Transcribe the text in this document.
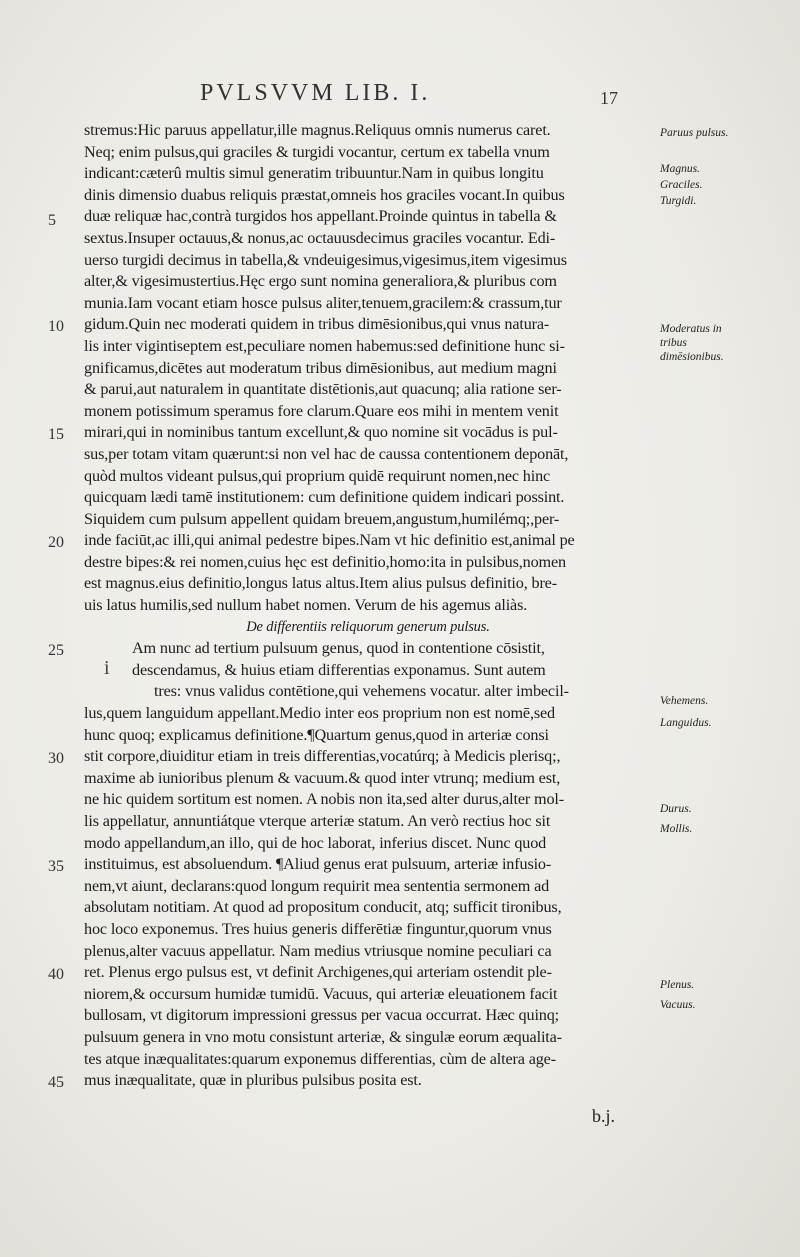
PVLSVVM LIB. I.	17
stremus:Hic paruus appellatur,ille magnus.Reliquus omnis numerus caret.
Neq; enim pulsus,qui graciles & turgidi vocantur, certum ex tabella vnum
indicant:cæterû multis simul generatim tribuuntur.Nam in quibus longitu
dinis dimensio duabus reliquis præstat,omneis hos graciles vocant.In quibus
duæ reliquæ hac,contrà turgidos hos appellant.Proinde quintus in tabella &
sextus.Insuper octauus,& nonus,ac octauusdecimus graciles vocantur. Edi-
uerso turgidi decimus in tabella,& vndeuigesimus,vigesimus,item vigesimus
alter,& vigesimustertius.Hęc ergo sunt nomina generaliora,& pluribus com
munia.Iam vocant etiam hosce pulsus aliter,tenuem,gracilem:& crassum,tur
gidum.Quin nec moderati quidem in tribus dimēsionibus,qui vnus natura-
lis inter vigintiseptem est,peculiare nomen habemus:sed definitione hunc si-
gnificamus,dicētes aut moderatum tribus dimēsionibus, aut medium magni
& parui,aut naturalem in quantitate distētionis,aut quacunq; alia ratione ser-
monem potissimum speramus fore clarum.Quare eos mihi in mentem venit
mirari,qui in nominibus tantum excellunt,& quo nomine sit vocādus is pul-
sus,per totam vitam quærunt:si non vel hac de caussa contentionem deponāt,
quòd multos videant pulsus,qui proprium quidē requirunt nomen,nec hinc
quicquam lædi tamē institutionem: cum definitione quidem indicari possint.
Siquidem cum pulsum appellent quidam breuem,angustum,humilémq;,per-
inde faciūt,ac illi,qui animal pedestre bipes.Nam vt hic definitio est,animal pe
destre bipes:& rei nomen,cuius hęc est definitio,homo:ita in pulsibus,nomen
est magnus.eius definitio,longus latus altus.Item alius pulsus definitio, bre-
uis latus humilis,sed nullum habet nomen. Verum de his agemus aliàs.
De differentiis reliquorum generum pulsus.
Am nunc ad tertium pulsuum genus, quod in contentione cōsistit,
descendamus, & huius etiam differentias exponamus. Sunt autem
tres: vnus validus contētione,qui vehemens vocatur. alter imbecil-
lus,quem languidum appellant.Medio inter eos proprium non est nomē,sed
hunc quoq; explicamus definitione.¶Quartum genus,quod in arteriæ consi
stit corpore,diuiditur etiam in treis differentias,vocatúrq; à Medicis plerisq;,
maxime ab iunioribus plenum & vacuum.& quod inter vtrunq; medium est,
ne hic quidem sortitum est nomen. A nobis non ita,sed alter durus,alter mol-
lis appellatur, annuntiátque vterque arteriæ statum. An verò rectius hoc sit
modo appellandum,an illo, qui de hoc laborat, inferius discet. Nunc quod
instituimus, est absoluendum. ¶Aliud genus erat pulsuum, arteriæ infusio-
nem,vt aiunt, declarans:quod longum requirit mea sententia sermonem ad
absolutam notitiam. At quod ad propositum conducit, atq; sufficit tironibus,
hoc loco exponemus. Tres huius generis differētiæ finguntur,quorum vnus
plenus,alter vacuus appellatur. Nam medius vtriusque nomine peculiari ca
ret. Plenus ergo pulsus est, vt definit Archigenes,qui arteriam ostendit ple-
niorem,& occursum humidæ tumidū. Vacuus, qui arteriæ eleuationem facit
bullosam, vt digitorum impressioni gressus per vacua occurrat. Hæc quinq;
pulsuum genera in vno motu consistunt arteriæ, & singulæ eorum æqualita-
tes atque inæqualitates:quarum exponemus differentias, cùm de altera age-
mus inæqualitate, quæ in pluribus pulsibus posita est.
i
5
10
15
20
25
30
35
40
45
Paruus pulsus.
Magnus.
Graciles.
Turgidi.
Moderatus in tribus dimēsionibus.
Vehemens.
Languidus.
Durus.
Mollis.
Plenus.
Vacuus.
b.j.
